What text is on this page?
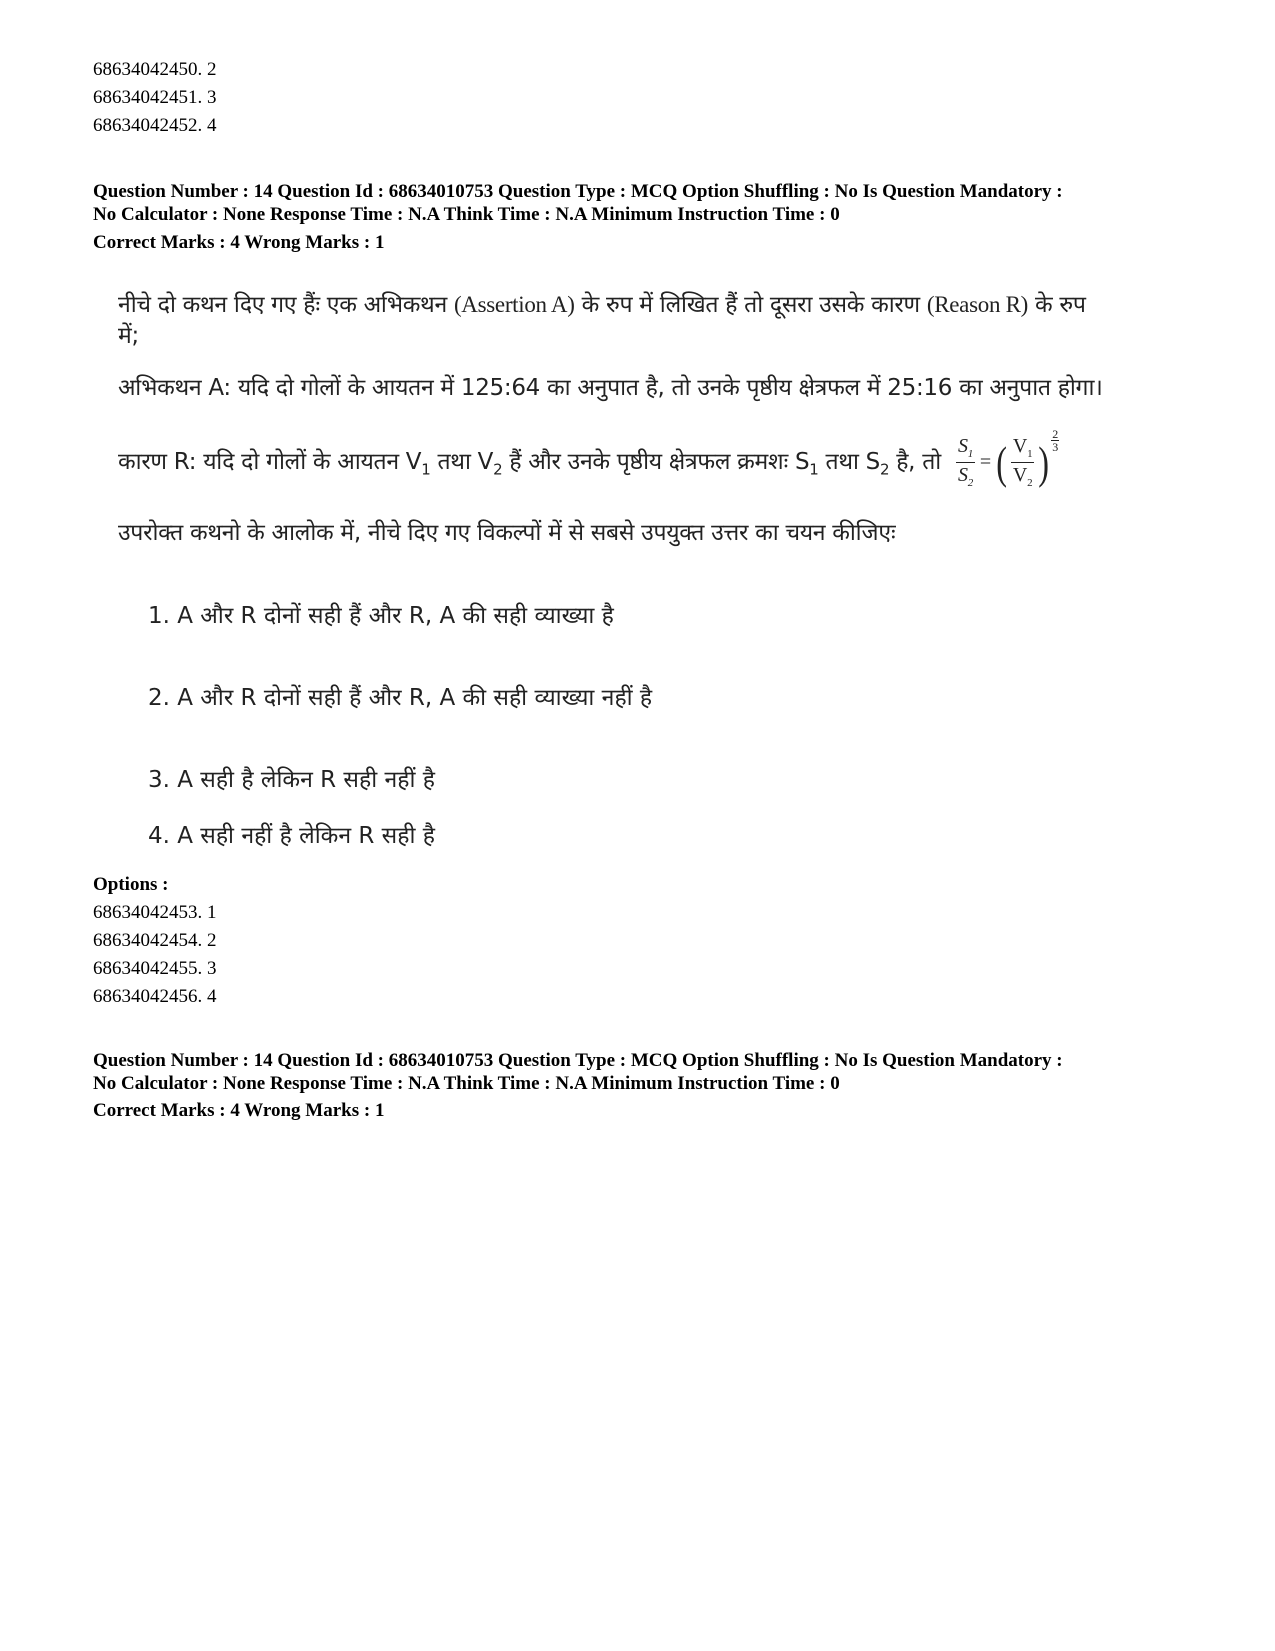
68634042450. 2
68634042451. 3
68634042452. 4
Question Number : 14 Question Id : 68634010753 Question Type : MCQ Option Shuffling : No Is Question Mandatory :
No Calculator : None Response Time : N.A Think Time : N.A Minimum Instruction Time : 0
Correct Marks : 4 Wrong Marks : 1
नीचे दो कथन दिए गए हैंः एक अभिकथन (Assertion A) के रुप में लिखित हैं तो दूसरा उसके कारण (Reason R) के रुप
में;
अभिकथन A: यदि दो गोलों के आयतन में 125:64 का अनुपात है, तो उनके पृष्ठीय क्षेत्रफल में 25:16 का अनुपात होगा।
कारण R: यदि दो गोलों के आयतन $V_1$ तथा $V_2$ हैं और उनके पृष्ठीय क्षेत्रफल क्रमशः $S_1$ तथा $S_2$ है, तो $\frac{S_1}{S_2}$ = ( $\frac{V_1}{V_2}$ )
2
3
उपरोक्त कथनो के आलोक में, नीचे दिए गए विकल्पों में से सबसे उपयुक्त उत्तर का चयन कीजिएः
1. A और R दोनों सही हैं और R, A की सही व्याख्या है
2. A और R दोनों सही हैं और R, A की सही व्याख्या नहीं है
3. A सही है लेकिन R सही नहीं है
4. A सही नहीं है लेकिन R सही है
Options :
68634042453. 1
68634042454. 2
68634042455. 3
68634042456. 4
Question Number : 14 Question Id : 68634010753 Question Type : MCQ Option Shuffling : No Is Question Mandatory :
No Calculator : None Response Time : N.A Think Time : N.A Minimum Instruction Time : 0
Correct Marks : 4 Wrong Marks : 1
